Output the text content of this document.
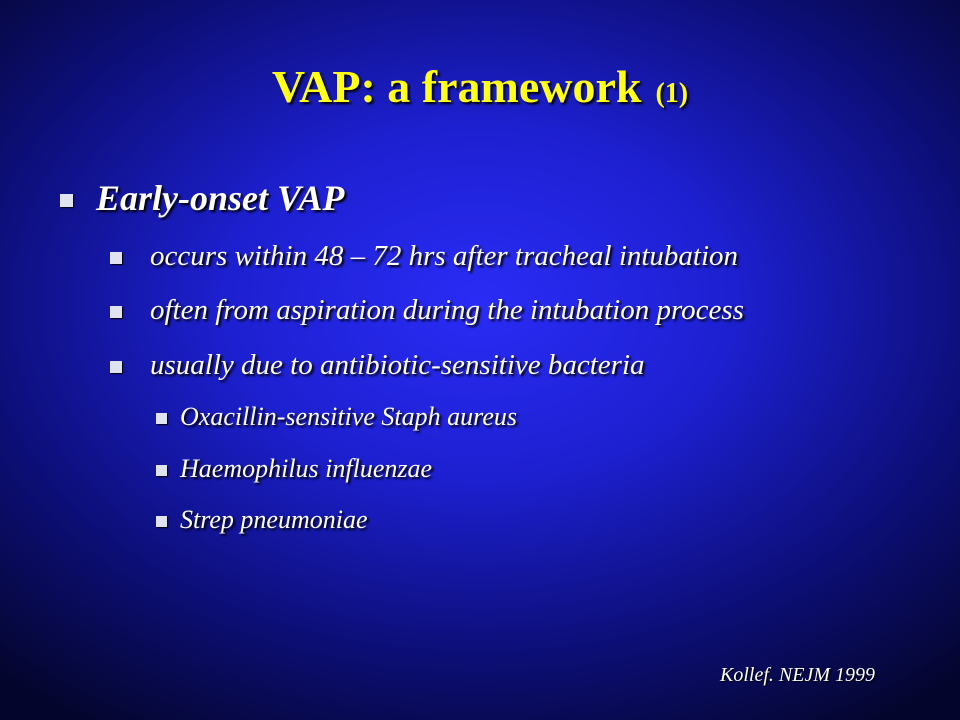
VAP: a framework (1)
Early-onset VAP
occurs within 48 – 72 hrs after tracheal intubation
often from aspiration during the intubation process
usually due to antibiotic-sensitive bacteria
Oxacillin-sensitive Staph aureus
Haemophilus influenzae
Strep pneumoniae
Kollef. NEJM 1999
